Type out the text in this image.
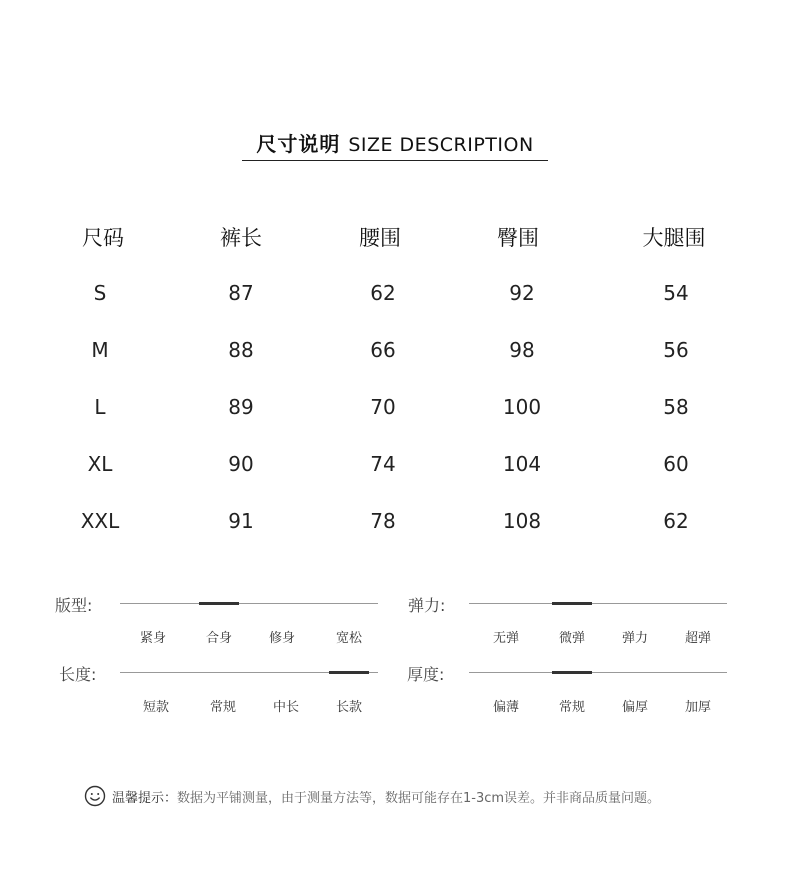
尺寸说明 SIZE DESCRIPTION
尺码	裤长	腰围	臀围	大腿围
S	87	62	92	54
M	88	66	98	56
L	89	70	100	58
XL	90	74	104	60
XXL	91	78	108	62
版型:
紧身	合身	修身	宽松
弹力:
无弹	微弹	弹力	超弹
长度:
短款	常规	中长	长款
厚度:
偏薄	常规	偏厚	加厚
温馨提示： 数据为平铺测量，由于测量方法等，数据可能存在1-3cm误差。并非商品质量问题。
